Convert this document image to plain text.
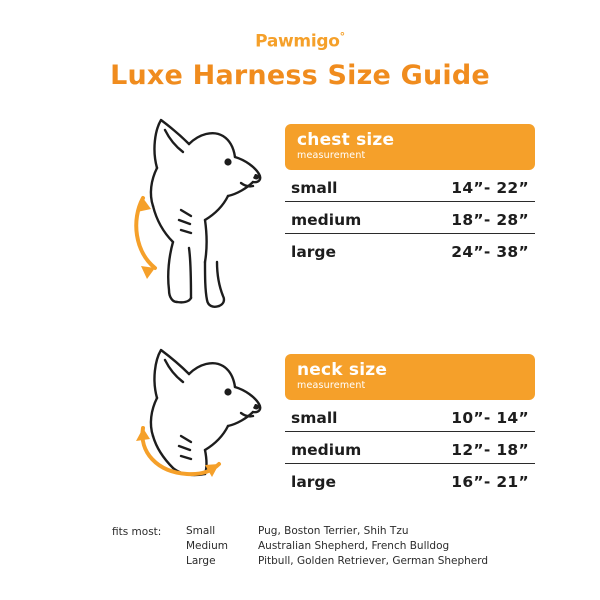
Pawmigo°
Luxe Harness Size Guide
chest size
measurement
small	14”- 22”
medium	18”- 28”
large	24”- 38”
neck size
measurement
small	10”- 14”
medium	12”- 18”
large	16”- 21”
fits most: Small	Pug, Boston Terrier, Shih Tzu
Medium	Australian Shepherd, French Bulldog
Large	Pitbull, Golden Retriever, German Shepherd
